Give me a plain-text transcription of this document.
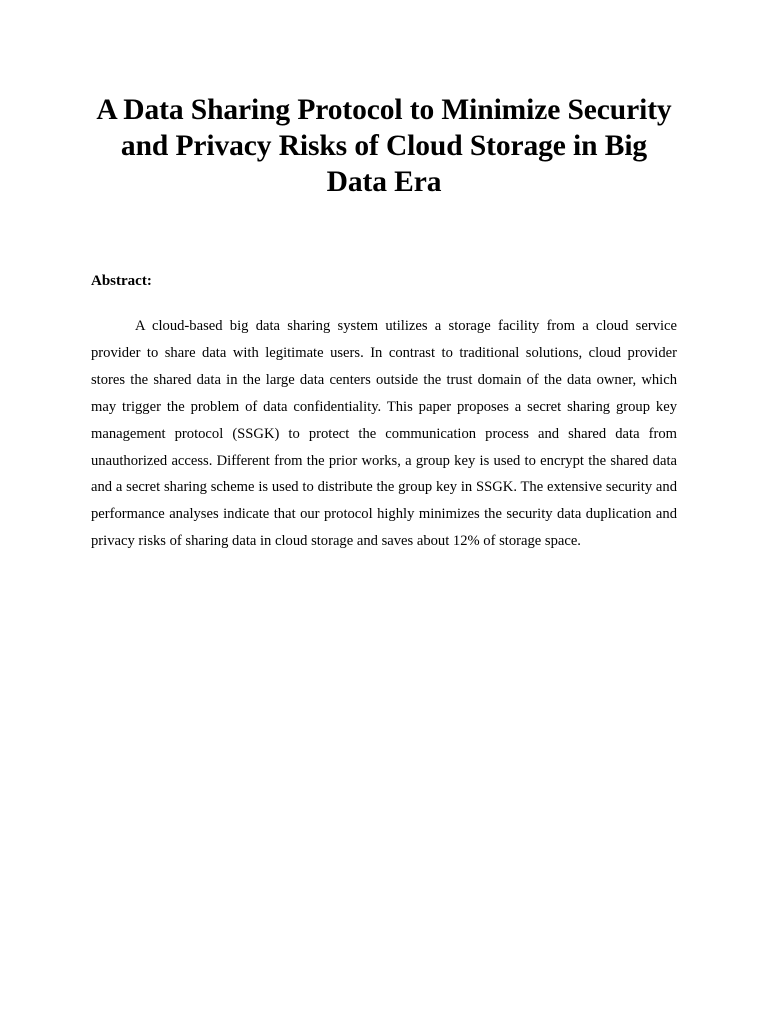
A Data Sharing Protocol to Minimize Security and Privacy Risks of Cloud Storage in Big Data Era
Abstract:

A cloud-based big data sharing system utilizes a storage facility from a cloud service provider to share data with legitimate users. In contrast to traditional solutions, cloud provider stores the shared data in the large data centers outside the trust domain of the data owner, which may trigger the problem of data confidentiality. This paper proposes a secret sharing group key management protocol (SSGK) to protect the communication process and shared data from unauthorized access. Different from the prior works, a group key is used to encrypt the shared data and a secret sharing scheme is used to distribute the group key in SSGK. The extensive security and performance analyses indicate that our protocol highly minimizes the security data duplication and privacy risks of sharing data in cloud storage and saves about 12% of storage space.
